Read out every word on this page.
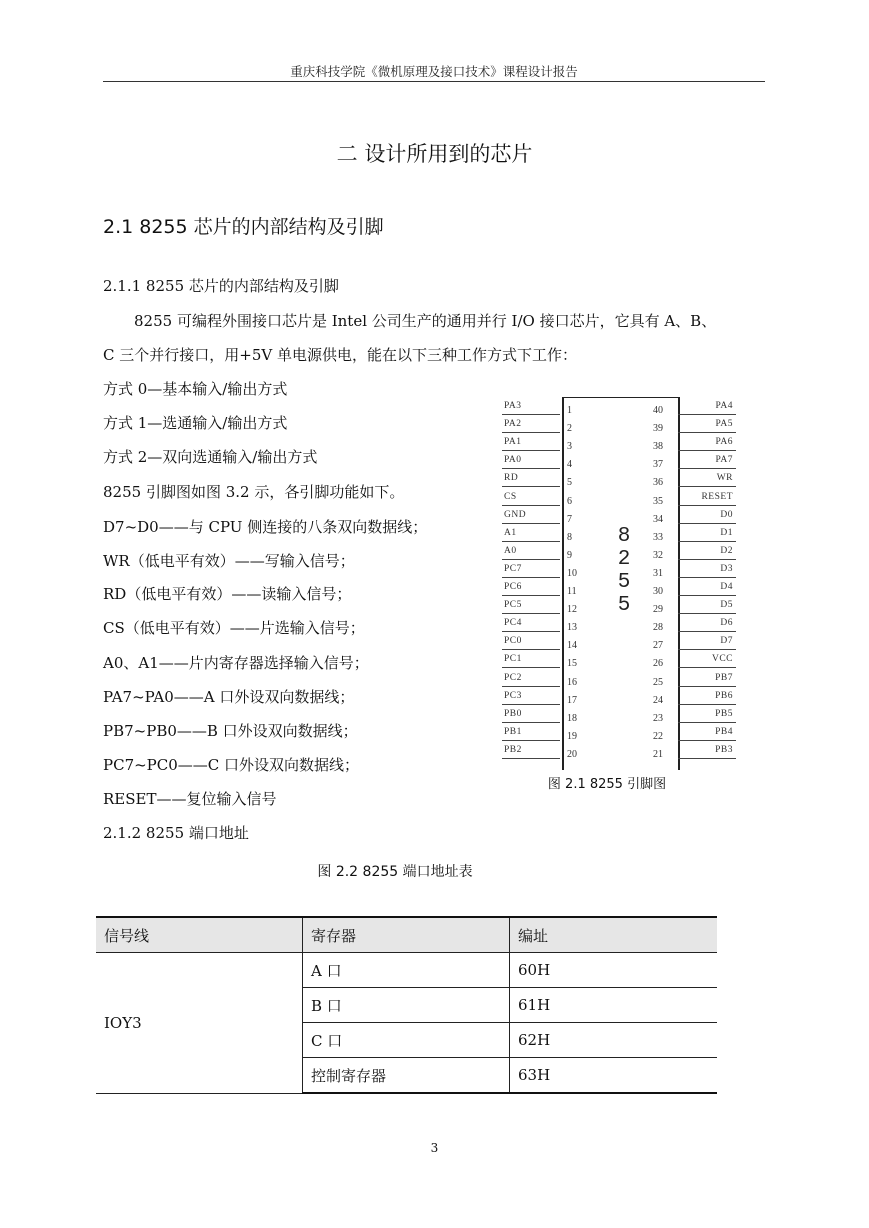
重庆科技学院《微机原理及接口技术》课程设计报告
二 设计所用到的芯片
2.1 8255 芯片的内部结构及引脚
2.1.1 8255 芯片的内部结构及引脚
8255 可编程外围接口芯片是 Intel 公司生产的通用并行 I/O 接口芯片，它具有 A、B、
C 三个并行接口，用+5V 单电源供电，能在以下三种工作方式下工作：
方式 0—基本输入/输出方式
方式 1—选通输入/输出方式
方式 2—双向选通输入/输出方式
8255 引脚图如图 3.2 示，各引脚功能如下。
D7~D0——与 CPU 侧连接的八条双向数据线；
WR（低电平有效）——写输入信号；
RD（低电平有效）——读输入信号；
CS（低电平有效）——片选输入信号；
A0、A1——片内寄存器选择输入信号；
PA7~PA0——A 口外设双向数据线；
PB7~PB0——B 口外设双向数据线；
PC7~PC0——C 口外设双向数据线；
RESET——复位输入信号
2.1.2 8255 端口地址
8
2
5
5
PA3	1
PA2	2
PA1	3
PA0	4
RD	5
CS	6
GND	7
A1	8
A0	9
PC7	10
PC6	11
PC5	12
PC4	13
PC0	14
PC1	15
PC2	16
PC3	17
PB0	18
PB1	19
PB2	20
40	PA4
39	PA5
38	PA6
37	PA7
36	WR
35	RESET
34	D0
33	D1
32	D2
31	D3
30	D4
29	D5
28	D6
27	D7
26	VCC
25	PB7
24	PB6
23	PB5
22	PB4
21	PB3
图 2.1 8255 引脚图
图 2.2 8255 端口地址表
信号线	寄存器	编址
IOY3	A 口	60H
	B 口	61H
	C 口	62H
	控制寄存器	63H
3
